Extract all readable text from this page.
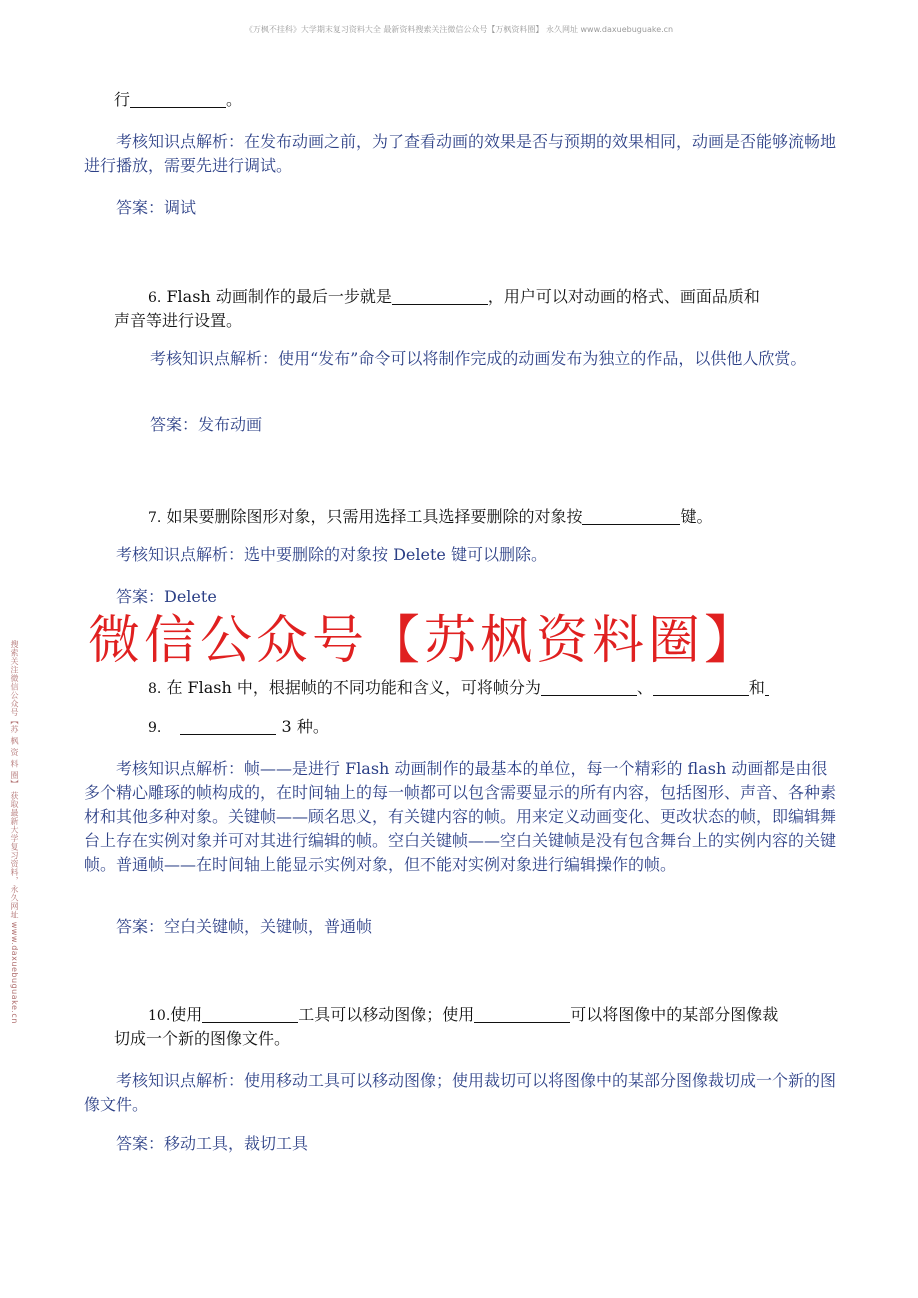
《万枫不挂科》大学期末复习资料大全 最新资料搜索关注微信公众号【万枫资料圈】 永久网址 www.daxuebuguake.cn
搜索关注微信公众号【苏 枫 资 料 圈】 获取最新大学复习资料，永久网址 www.daxuebuguake.cn
行	。
考核知识点解析：在发布动画之前，为了查看动画的效果是否与预期的效果相同，动画是否能够流畅地进行播放，需要先进行调试。
答案：调试
6. Flash 动画制作的最后一步就是	，用户可以对动画的格式、画面品质和
声音等进行设置。
考核知识点解析：使用“发布”命令可以将制作完成的动画发布为独立的作品，以供他人欣赏。
答案：发布动画
7. 如果要删除图形对象，只需用选择工具选择要删除的对象按	键。
考核知识点解析：选中要删除的对象按 Delete 键可以删除。
答案：Delete
微信公众号【苏枫资料圈】
8. 在 Flash 中，根据帧的不同功能和含义，可将帧分为	、	和
9.	3 种。
考核知识点解析：帧——是进行 Flash 动画制作的最基本的单位，每一个精彩的 flash 动画都是由很多个精心雕琢的帧构成的，在时间轴上的每一帧都可以包含需要显示的所有内容，包括图形、声音、各种素材和其他多种对象。关键帧——顾名思义，有关键内容的帧。用来定义动画变化、更改状态的帧，即编辑舞台上存在实例对象并可对其进行编辑的帧。空白关键帧——空白关键帧是没有包含舞台上的实例内容的关键帧。普通帧——在时间轴上能显示实例对象，但不能对实例对象进行编辑操作的帧。
答案：空白关键帧，关键帧，普通帧
10.使用	工具可以移动图像；使用	可以将图像中的某部分图像裁
切成一个新的图像文件。
考核知识点解析：使用移动工具可以移动图像；使用裁切可以将图像中的某部分图像裁切成一个新的图像文件。
答案：移动工具，裁切工具
